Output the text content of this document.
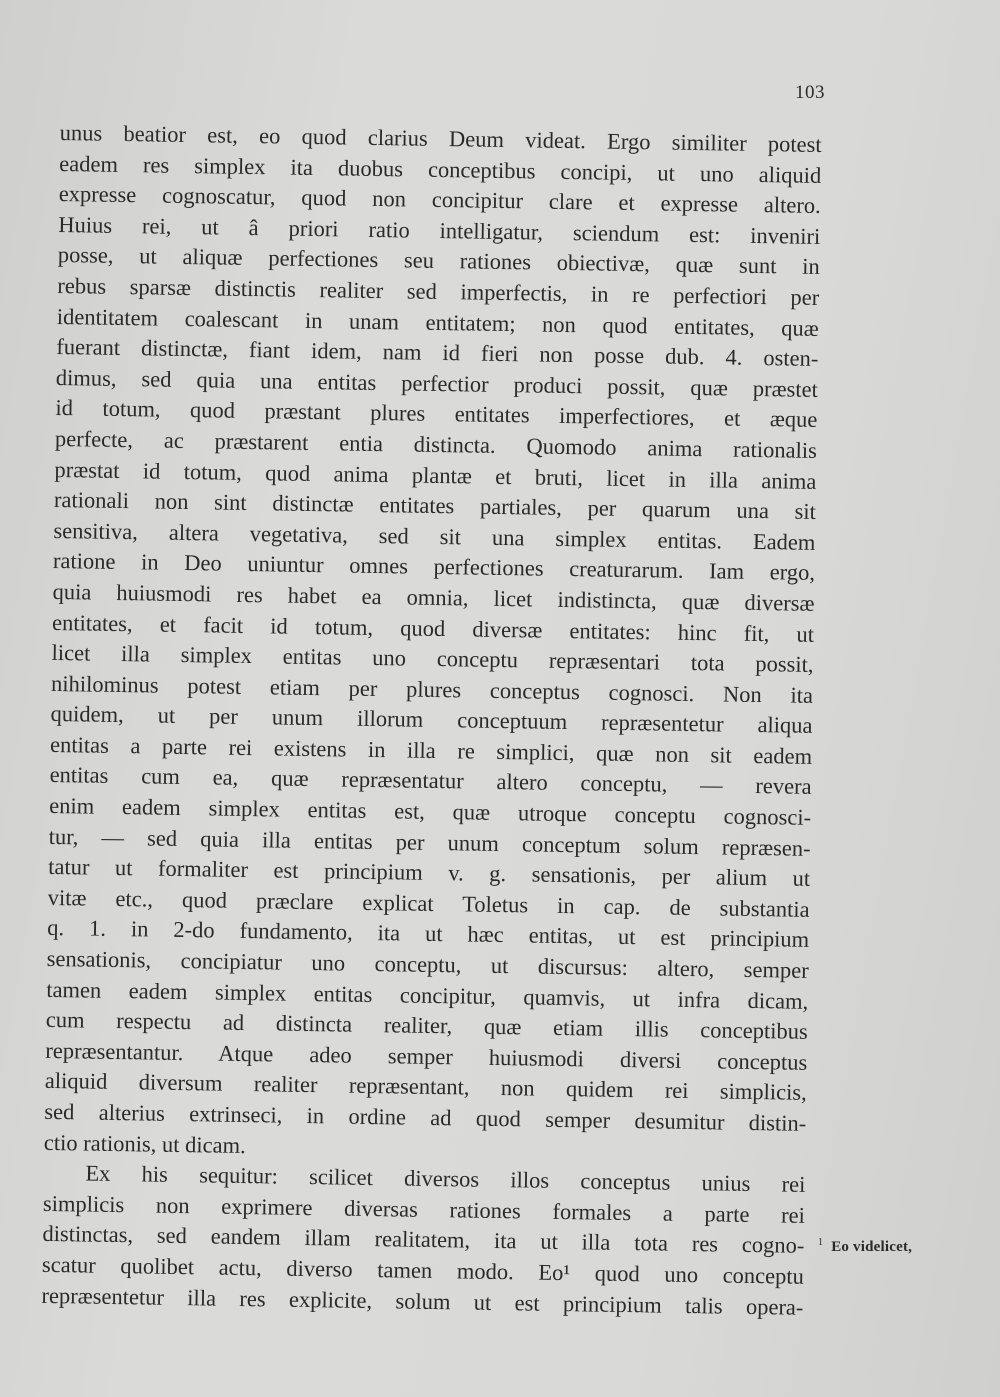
103
unus beatior est, eo quod clarius Deum videat. Ergo similiter potest
eadem res simplex ita duobus conceptibus concipi, ut uno aliquid
expresse cognoscatur, quod non concipitur clare et expresse altero.
Huius rei, ut â priori ratio intelligatur, sciendum est: inveniri
posse, ut aliquæ perfectiones seu rationes obiectivæ, quæ sunt in
rebus sparsæ distinctis realiter sed imperfectis, in re perfectiori per
identitatem coalescant in unam entitatem; non quod entitates, quæ
fuerant distinctæ, fiant idem, nam id fieri non posse dub. 4. osten-
dimus, sed quia una entitas perfectior produci possit, quæ præstet
id totum, quod præstant plures entitates imperfectiores, et æque
perfecte, ac præstarent entia distincta. Quomodo anima rationalis
præstat id totum, quod anima plantæ et bruti, licet in illa anima
rationali non sint distinctæ entitates partiales, per quarum una sit
sensitiva, altera vegetativa, sed sit una simplex entitas. Eadem
ratione in Deo uniuntur omnes perfectiones creaturarum. Iam ergo,
quia huiusmodi res habet ea omnia, licet indistincta, quæ diversæ
entitates, et facit id totum, quod diversæ entitates: hinc fit, ut
licet illa simplex entitas uno conceptu repræsentari tota possit,
nihilominus potest etiam per plures conceptus cognosci. Non ita
quidem, ut per unum illorum conceptuum repræsentetur aliqua
entitas a parte rei existens in illa re simplici, quæ non sit eadem
entitas cum ea, quæ repræsentatur altero conceptu, — revera
enim eadem simplex entitas est, quæ utroque conceptu cognosci-
tur, — sed quia illa entitas per unum conceptum solum repræsen-
tatur ut formaliter est principium v. g. sensationis, per alium ut
vitæ etc., quod præclare explicat Toletus in cap. de substantia
q. 1. in 2-do fundamento, ita ut hæc entitas, ut est principium
sensationis, concipiatur uno conceptu, ut discursus: altero, semper
tamen eadem simplex entitas concipitur, quamvis, ut infra dicam,
cum respectu ad distincta realiter, quæ etiam illis conceptibus
repræsentantur. Atque adeo semper huiusmodi diversi conceptus
aliquid diversum realiter repræsentant, non quidem rei simplicis,
sed alterius extrinseci, in ordine ad quod semper desumitur distin-
ctio rationis, ut dicam.
Ex his sequitur: scilicet diversos illos conceptus unius rei
simplicis non exprimere diversas rationes formales a parte rei
distinctas, sed eandem illam realitatem, ita ut illa tota res cogno-
scatur quolibet actu, diverso tamen modo. Eo¹ quod uno conceptu
repræsentetur illa res explicite, solum ut est principium talis opera-
$^1$ Eo videlicet,
